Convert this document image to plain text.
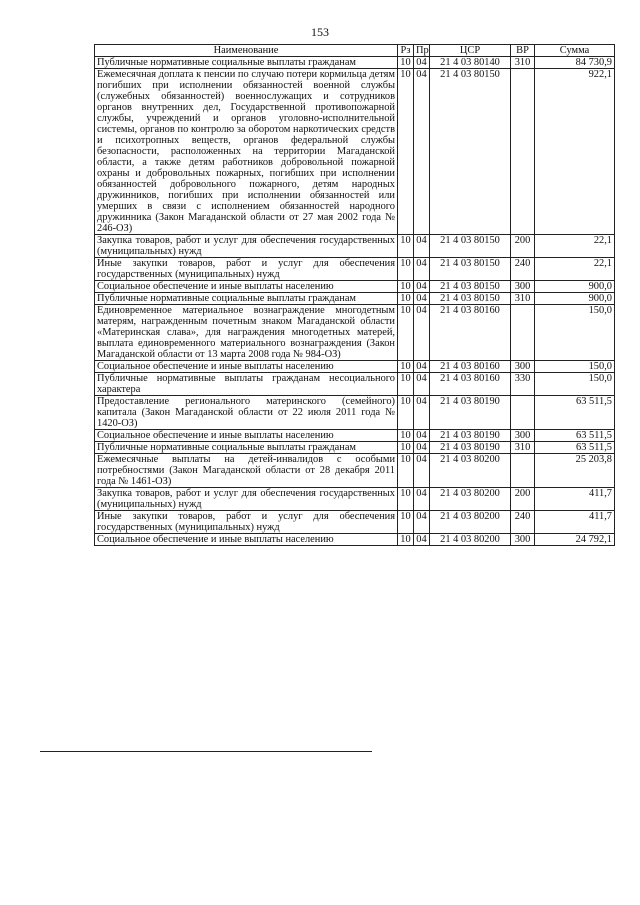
153
Наименование	Рз	Пр	ЦСР	ВР	Сумма
Публичные нормативные социальные выплаты гражданам	10	04	21 4 03 80140	310	84 730,9
Ежемесячная доплата к пенсии по случаю потери кормильца детям погибших при исполнении обязанностей военной службы (служебных обязанностей) военнослужащих и сотрудников органов внутренних дел, Государственной противопожарной службы, учреждений и органов уголовно-исполнительной системы, органов по контролю за оборотом наркотических средств и психотропных веществ, органов федеральной службы безопасности, расположенных на территории Магаданской области, а также детям работников добровольной пожарной охраны и добровольных пожарных, погибших при исполнении обязанностей добровольного пожарного, детям народных дружинников, погибших при исполнении обязанностей или умерших в связи с исполнением обязанностей народного дружинника (Закон Магаданской области от 27 мая 2002 года № 246-ОЗ)	10	04	21 4 03 80150		922,1
Закупка товаров, работ и услуг для обеспечения государственных (муниципальных) нужд	10	04	21 4 03 80150	200	22,1
Иные закупки товаров, работ и услуг для обеспечения государственных (муниципальных) нужд	10	04	21 4 03 80150	240	22,1
Социальное обеспечение и иные выплаты населению	10	04	21 4 03 80150	300	900,0
Публичные нормативные социальные выплаты гражданам	10	04	21 4 03 80150	310	900,0
Единовременное материальное вознаграждение многодетным матерям, награжденным почетным знаком Магаданской области «Материнская слава», для награждения многодетных матерей, выплата единовременного материального вознаграждения (Закон Магаданской области от 13 марта 2008 года № 984-ОЗ)	10	04	21 4 03 80160		150,0
Социальное обеспечение и иные выплаты населению	10	04	21 4 03 80160	300	150,0
Публичные нормативные выплаты гражданам несоциального характера	10	04	21 4 03 80160	330	150,0
Предоставление регионального материнского (семейного) капитала (Закон Магаданской области от 22 июля 2011 года № 1420-ОЗ)	10	04	21 4 03 80190		63 511,5
Социальное обеспечение и иные выплаты населению	10	04	21 4 03 80190	300	63 511,5
Публичные нормативные социальные выплаты гражданам	10	04	21 4 03 80190	310	63 511,5
Ежемесячные выплаты на детей-инвалидов с особыми потребностями (Закон Магаданской области от 28 декабря 2011 года № 1461-ОЗ)	10	04	21 4 03 80200		25 203,8
Закупка товаров, работ и услуг для обеспечения государственных (муниципальных) нужд	10	04	21 4 03 80200	200	411,7
Иные закупки товаров, работ и услуг для обеспечения государственных (муниципальных) нужд	10	04	21 4 03 80200	240	411,7
Социальное обеспечение и иные выплаты населению	10	04	21 4 03 80200	300	24 792,1
